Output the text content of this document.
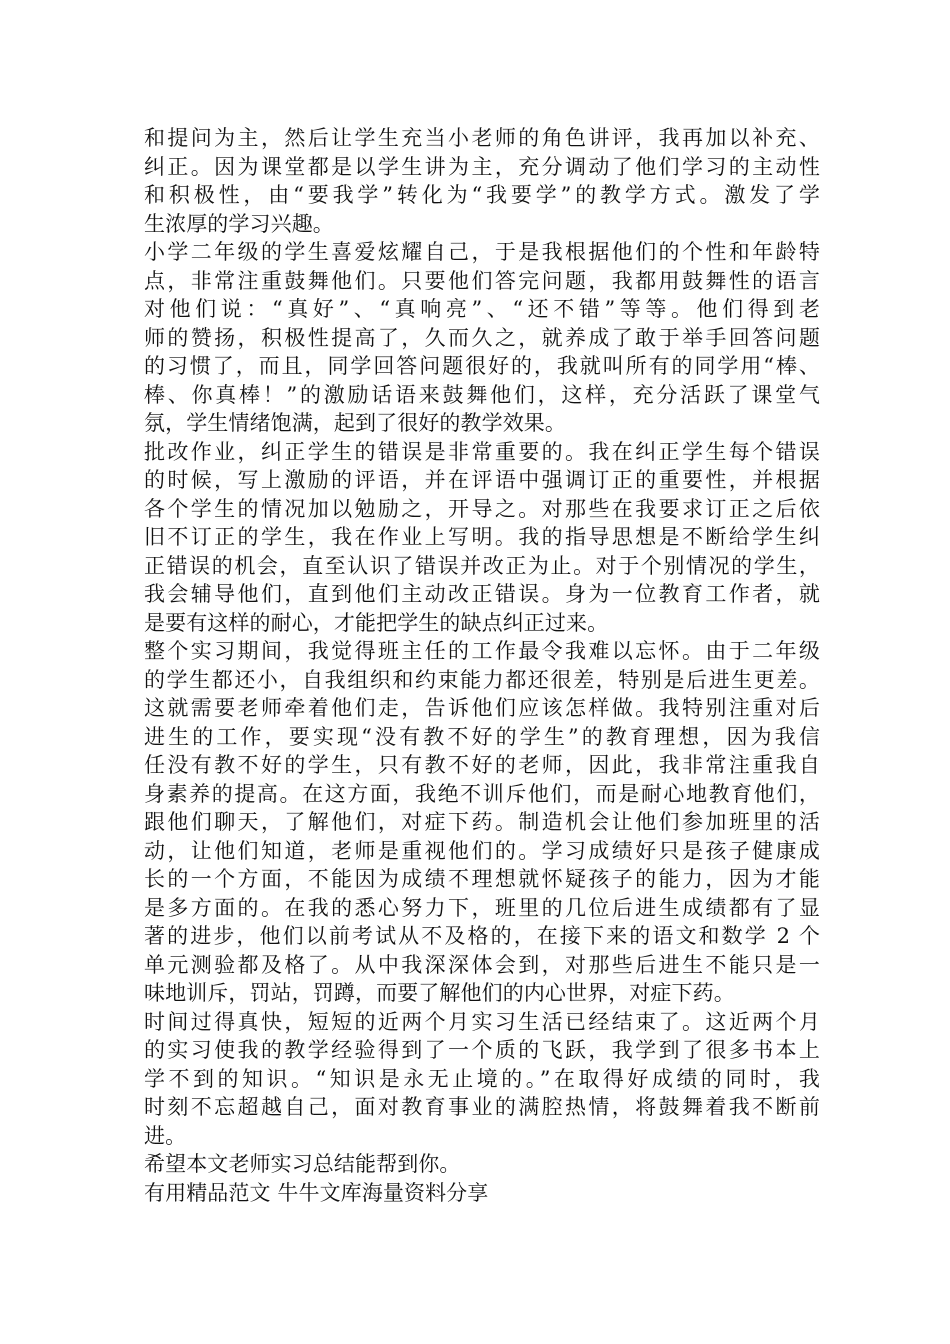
和提问为主，然后让学生充当小老师的角色讲评，我再加以补充、
纠正。因为课堂都是以学生讲为主，充分调动了他们学习的主动性
和积极性，由“要我学”转化为“我要学”的教学方式。激发了学
生浓厚的学习兴趣。
小学二年级的学生喜爱炫耀自己，于是我根据他们的个性和年龄特
点，非常注重鼓舞他们。只要他们答完问题，我都用鼓舞性的语言
对他们说：“真好”、“真响亮”、“还不错”等等。他们得到老
师的赞扬，积极性提高了，久而久之，就养成了敢于举手回答问题
的习惯了，而且，同学回答问题很好的，我就叫所有的同学用“棒、
棒、你真棒！”的激励话语来鼓舞他们，这样，充分活跃了课堂气
氛，学生情绪饱满，起到了很好的教学效果。
批改作业，纠正学生的错误是非常重要的。我在纠正学生每个错误
的时候，写上激励的评语，并在评语中强调订正的重要性，并根据
各个学生的情况加以勉励之，开导之。对那些在我要求订正之后依
旧不订正的学生，我在作业上写明。我的指导思想是不断给学生纠
正错误的机会，直至认识了错误并改正为止。对于个别情况的学生，
我会辅导他们，直到他们主动改正错误。身为一位教育工作者，就
是要有这样的耐心，才能把学生的缺点纠正过来。
整个实习期间，我觉得班主任的工作最令我难以忘怀。由于二年级
的学生都还小，自我组织和约束能力都还很差，特别是后进生更差。
这就需要老师牵着他们走，告诉他们应该怎样做。我特别注重对后
进生的工作，要实现“没有教不好的学生”的教育理想，因为我信
任没有教不好的学生，只有教不好的老师，因此，我非常注重我自
身素养的提高。在这方面，我绝不训斥他们，而是耐心地教育他们，
跟他们聊天，了解他们，对症下药。制造机会让他们参加班里的活
动，让他们知道，老师是重视他们的。学习成绩好只是孩子健康成
长的一个方面，不能因为成绩不理想就怀疑孩子的能力，因为才能
是多方面的。在我的悉心努力下，班里的几位后进生成绩都有了显
著的进步，他们以前考试从不及格的，在接下来的语文和数学 2 个
单元测验都及格了。从中我深深体会到，对那些后进生不能只是一
味地训斥，罚站，罚蹲，而要了解他们的内心世界，对症下药。
时间过得真快，短短的近两个月实习生活已经结束了。这近两个月
的实习使我的教学经验得到了一个质的飞跃，我学到了很多书本上
学不到的知识。“知识是永无止境的。”在取得好成绩的同时，我
时刻不忘超越自己，面对教育事业的满腔热情，将鼓舞着我不断前
进。
希望本文老师实习总结能帮到你。
有用精品范文 牛牛文库海量资料分享
